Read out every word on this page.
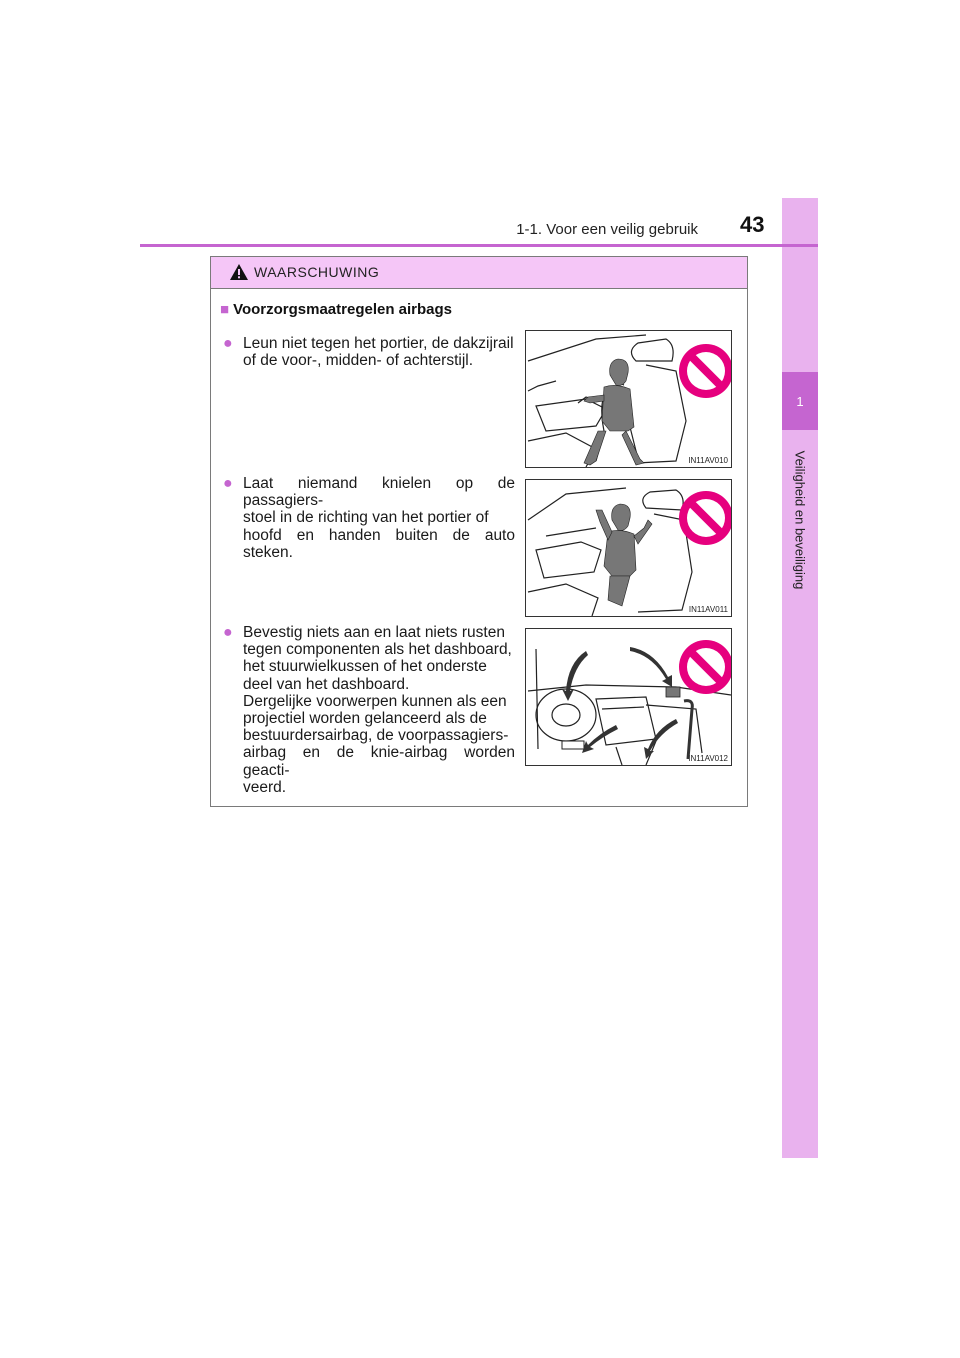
1
Veiligheid en beveiliging
1-1. Voor een veilig gebruik 43
WAARSCHUWING
■ Voorzorgsmaatregelen airbags
● Leun niet tegen het portier, de dakzijrail
of de voor-, midden- of achterstijl.
IN11AV010
● Laat niemand knielen op de passagiers-
stoel in de richting van het portier of
hoofd en handen buiten de auto steken.
IN11AV011
● Bevestig niets aan en laat niets rusten
tegen componenten als het dashboard,
het stuurwielkussen of het onderste
deel van het dashboard.
Dergelijke voorwerpen kunnen als een
projectiel worden gelanceerd als de
bestuurdersairbag, de voorpassagiers-
airbag en de knie-airbag worden geacti-
veerd.
IN11AV012
